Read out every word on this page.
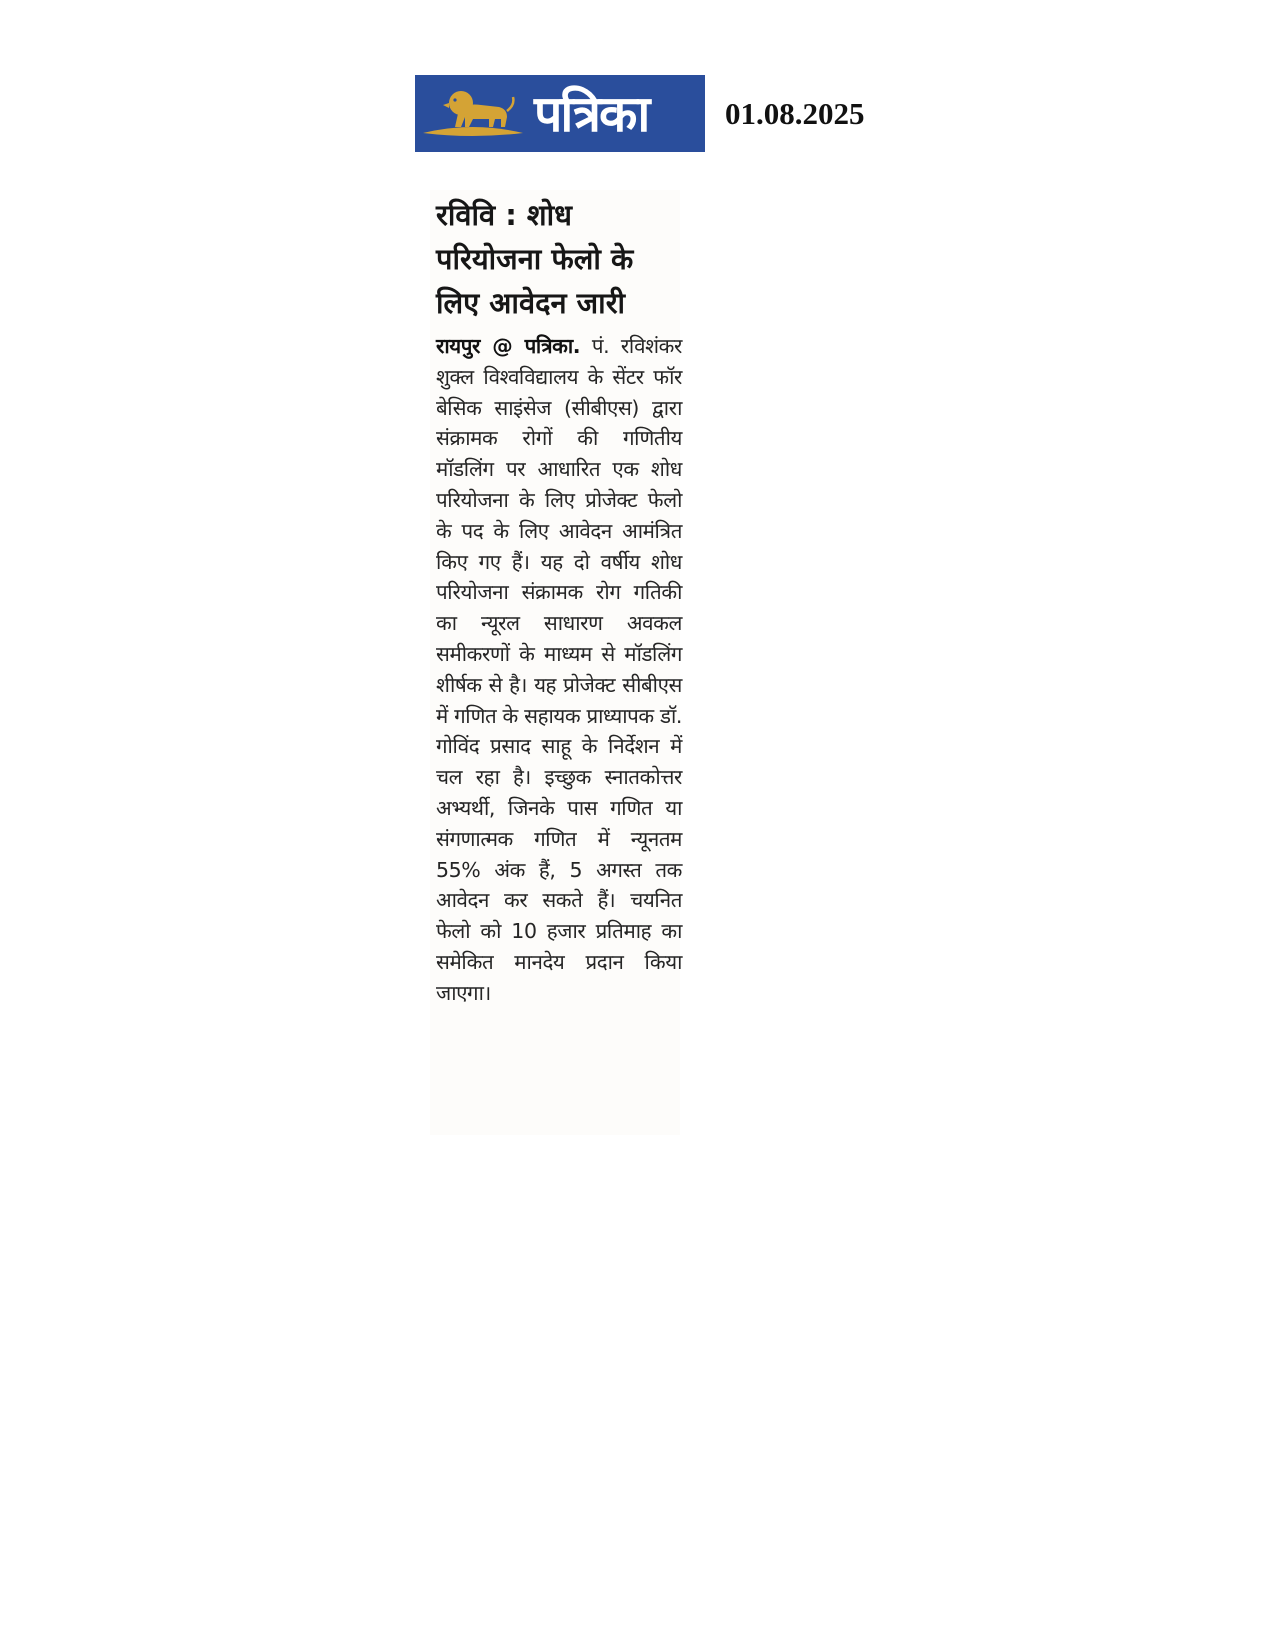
पत्रिका 01.08.2025
रविवि : शोध परियोजना फेलो के लिए आवेदन जारी

रायपुर @ पत्रिका. पं. रविशंकर शुक्ल विश्वविद्यालय के सेंटर फॉर बेसिक साइंसेज (सीबीएस) द्वारा संक्रामक रोगों की गणितीय मॉडलिंग पर आधारित एक शोध परियोजना के लिए प्रोजेक्ट फेलो के पद के लिए आवेदन आमंत्रित किए गए हैं। यह दो वर्षीय शोध परियोजना संक्रामक रोग गतिकी का न्यूरल साधारण अवकल समीकरणों के माध्यम से मॉडलिंग शीर्षक से है। यह प्रोजेक्ट सीबीएस में गणित के सहायक प्राध्यापक डॉ. गोविंद प्रसाद साहू के निर्देशन में चल रहा है। इच्छुक स्नातकोत्तर अभ्यर्थी, जिनके पास गणित या संगणात्मक गणित में न्यूनतम 55% अंक हैं, 5 अगस्त तक आवेदन कर सकते हैं। चयनित फेलो को 10 हजार प्रतिमाह का समेकित मानदेय प्रदान किया जाएगा।
